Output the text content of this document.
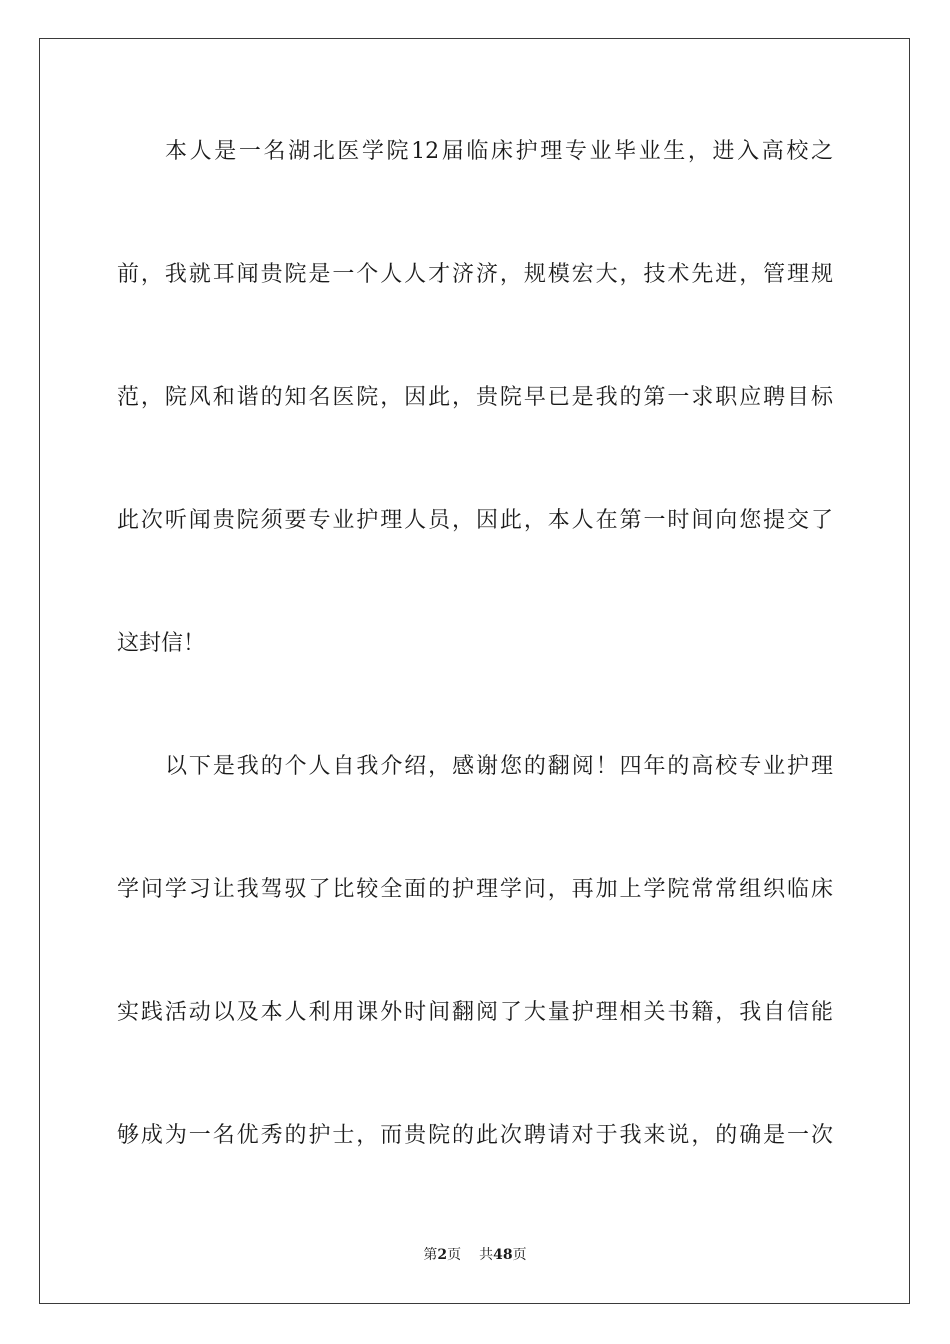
本人是一名湖北医学院12届临床护理专业毕业生，进入高校之
前，我就耳闻贵院是一个人人才济济，规模宏大，技术先进，管理规
范，院风和谐的知名医院，因此，贵院早已是我的第一求职应聘目标
此次听闻贵院须要专业护理人员，因此，本人在第一时间向您提交了
这封信！
以下是我的个人自我介绍，感谢您的翻阅！四年的高校专业护理
学问学习让我驾驭了比较全面的护理学问，再加上学院常常组织临床
实践活动以及本人利用课外时间翻阅了大量护理相关书籍，我自信能
够成为一名优秀的护士，而贵院的此次聘请对于我来说，的确是一次
第2页 共48页
